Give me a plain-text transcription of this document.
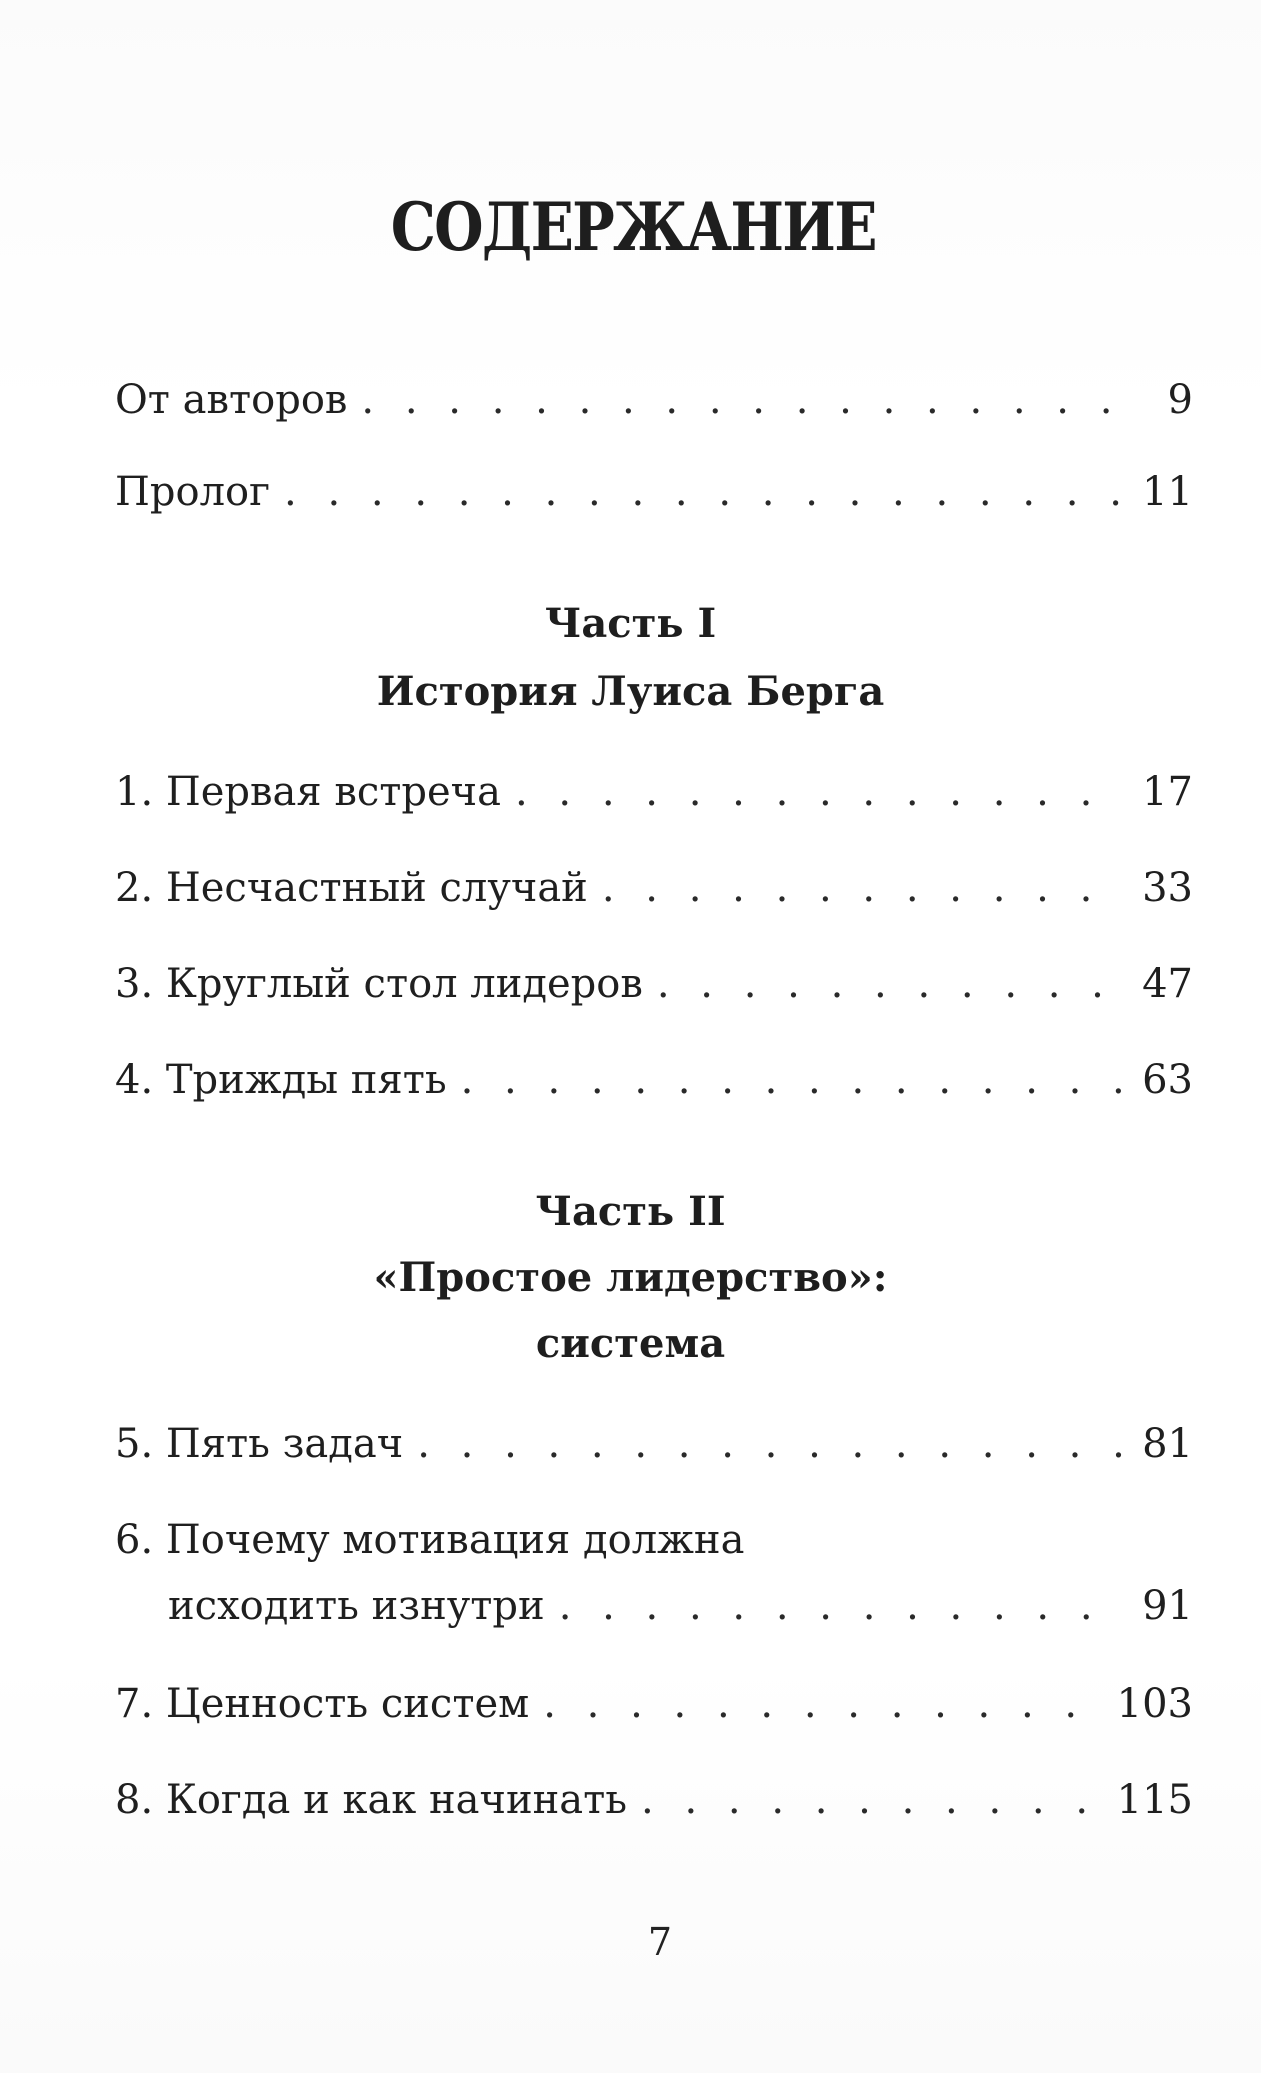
СОДЕРЖАНИЕ
От авторов . . .	9
Пролог . . .	11
Часть I
История Луиса Берга
1. Первая встреча . . .	17
2. Несчастный случай . . .	33
3. Круглый стол лидеров . . .	47
4. Трижды пять . . .	63
Часть II
«Простое лидерство»:
система
5. Пять задач . . .	81
6. Почему мотивация должна
исходить изнутри . . .	91
7. Ценность систем . . .	103
8. Когда и как начинать . . .	115
7
